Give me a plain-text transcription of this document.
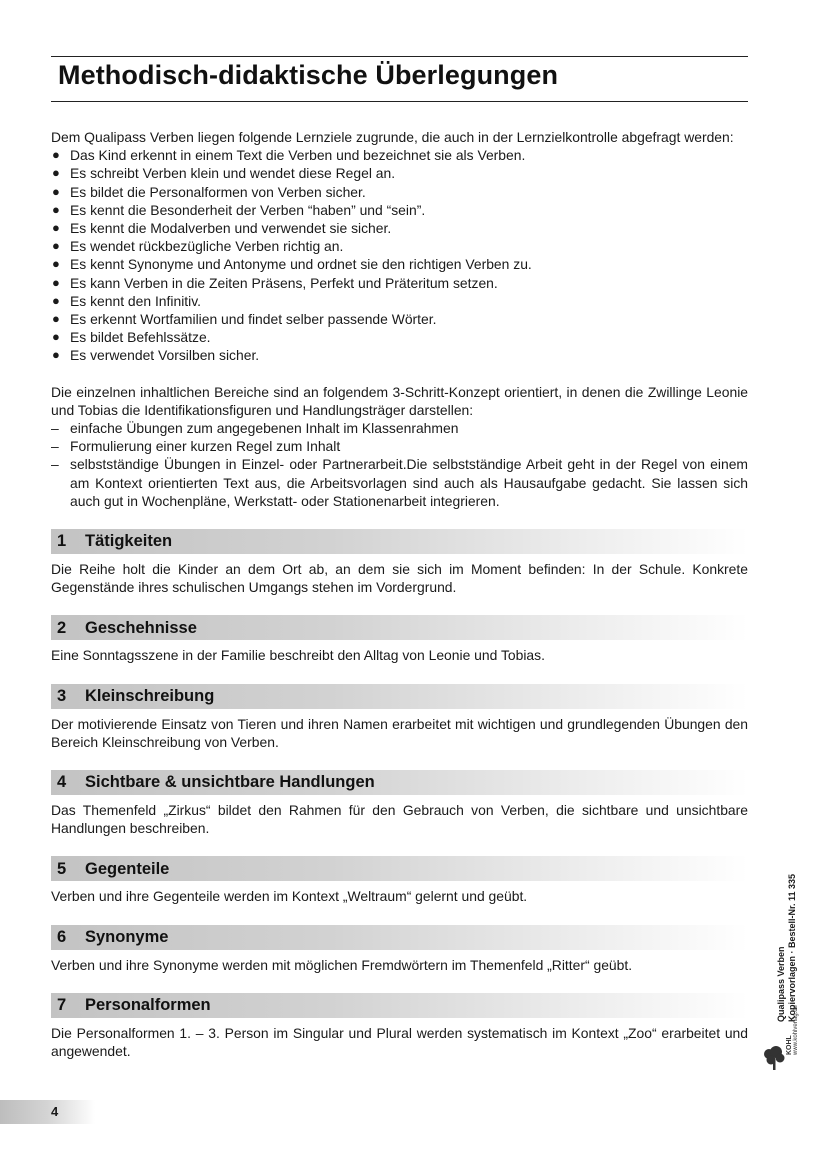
Methodisch-didaktische Überlegungen

Dem Qualipass Verben liegen folgende Lernziele zugrunde, die auch in der Lernzielkontrolle abgefragt werden:

● Das Kind erkennt in einem Text die Verben und bezeichnet sie als Verben.
● Es schreibt Verben klein und wendet diese Regel an.
● Es bildet die Personalformen von Verben sicher.
● Es kennt die Besonderheit der Verben “haben” und “sein”.
● Es kennt die Modalverben und verwendet sie sicher.
● Es wendet rückbezügliche Verben richtig an.
● Es kennt Synonyme und Antonyme und ordnet sie den richtigen Verben zu.
● Es kann Verben in die Zeiten Präsens, Perfekt und Präteritum setzen.
● Es kennt den Infinitiv.
● Es erkennt Wortfamilien und findet selber passende Wörter.
● Es bildet Befehlssätze.
● Es verwendet Vorsilben sicher.

Die einzelnen inhaltlichen Bereiche sind an folgendem 3-Schritt-Konzept orientiert, in denen die Zwillinge Leonie und Tobias die Identifikationsfiguren und Handlungsträger darstellen:

– einfache Übungen zum angegebenen Inhalt im Klassenrahmen
– Formulierung einer kurzen Regel zum Inhalt
– selbstständige Übungen in Einzel- oder Partnerarbeit.Die selbstständige Arbeit geht in der Regel von einem am Kontext orientierten Text aus, die Arbeitsvorlagen sind auch als Hausaufgabe gedacht. Sie lassen sich auch gut in Wochenpläne, Werkstatt- oder Stationenarbeit integrieren.
1	Tätigkeiten

Die Reihe holt die Kinder an dem Ort ab, an dem sie sich im Moment befinden: In der Schule. Konkrete Gegenstände ihres schulischen Umgangs stehen im Vordergrund.

2	Geschehnisse

Eine Sonntagsszene in der Familie beschreibt den Alltag von Leonie und Tobias.

3	Kleinschreibung

Der motivierende Einsatz von Tieren und ihren Namen erarbeitet mit wichtigen und grundlegenden Übungen den Bereich Kleinschreibung von Verben.

4	Sichtbare & unsichtbare Handlungen

Das Themenfeld „Zirkus“ bildet den Rahmen für den Gebrauch von Verben, die sichtbare und unsichtbare Handlungen beschreiben.

5	Gegenteile

Verben und ihre Gegenteile werden im Kontext „Weltraum“ gelernt und geübt.

6	Synonyme

Verben und ihre Synonyme werden mit möglichen Fremdwörtern im Themenfeld „Ritter“ geübt.

7	Personalformen

Die Personalformen 1. – 3. Person im Singular und Plural werden systematisch im Kontext „Zoo“ erarbeitet und angewendet.

Qualipass Verben Kopiervorlagen · Bestell-Nr. 11 335
KOHL
www.kohlverlag.de
4
